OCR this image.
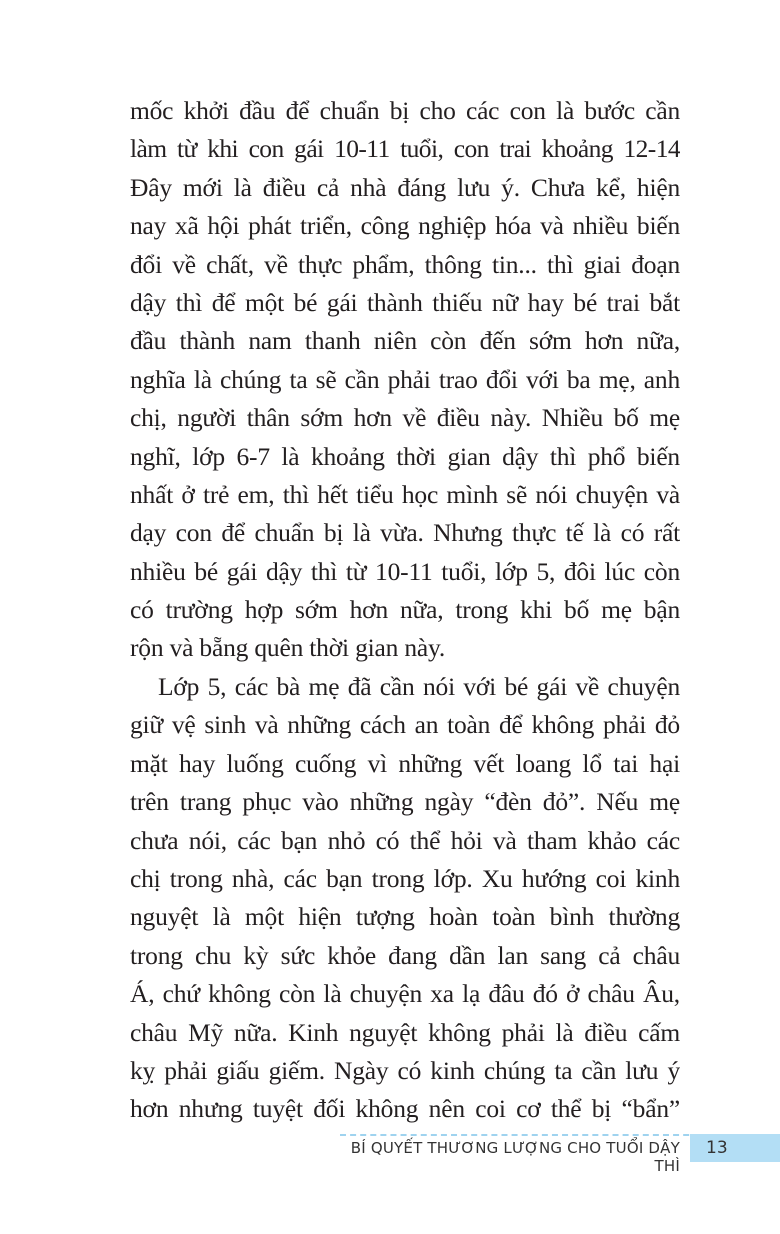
mốc khởi đầu để chuẩn bị cho các con là bước cần
làm từ khi con gái 10-11 tuổi, con trai khoảng 12-14
Đây mới là điều cả nhà đáng lưu ý. Chưa kể, hiện
nay xã hội phát triển, công nghiệp hóa và nhiều biến
đổi về chất, về thực phẩm, thông tin... thì giai đoạn
dậy thì để một bé gái thành thiếu nữ hay bé trai bắt
đầu thành nam thanh niên còn đến sớm hơn nữa,
nghĩa là chúng ta sẽ cần phải trao đổi với ba mẹ, anh
chị, người thân sớm hơn về điều này. Nhiều bố mẹ
nghĩ, lớp 6-7 là khoảng thời gian dậy thì phổ biến
nhất ở trẻ em, thì hết tiểu học mình sẽ nói chuyện và
dạy con để chuẩn bị là vừa. Nhưng thực tế là có rất
nhiều bé gái dậy thì từ 10-11 tuổi, lớp 5, đôi lúc còn
có trường hợp sớm hơn nữa, trong khi bố mẹ bận
rộn và bẵng quên thời gian này.
Lớp 5, các bà mẹ đã cần nói với bé gái về chuyện
giữ vệ sinh và những cách an toàn để không phải đỏ
mặt hay luống cuống vì những vết loang lổ tai hại
trên trang phục vào những ngày “đèn đỏ”. Nếu mẹ
chưa nói, các bạn nhỏ có thể hỏi và tham khảo các
chị trong nhà, các bạn trong lớp. Xu hướng coi kinh
nguyệt là một hiện tượng hoàn toàn bình thường
trong chu kỳ sức khỏe đang dần lan sang cả châu
Á, chứ không còn là chuyện xa lạ đâu đó ở châu Âu,
châu Mỹ nữa. Kinh nguyệt không phải là điều cấm
kỵ phải giấu giếm. Ngày có kinh chúng ta cần lưu ý
hơn nhưng tuyệt đối không nên coi cơ thể bị “bẩn”
BÍ QUYẾT THƯƠNG LƯỢNG CHO TUỔI DẬY THÌ
13
